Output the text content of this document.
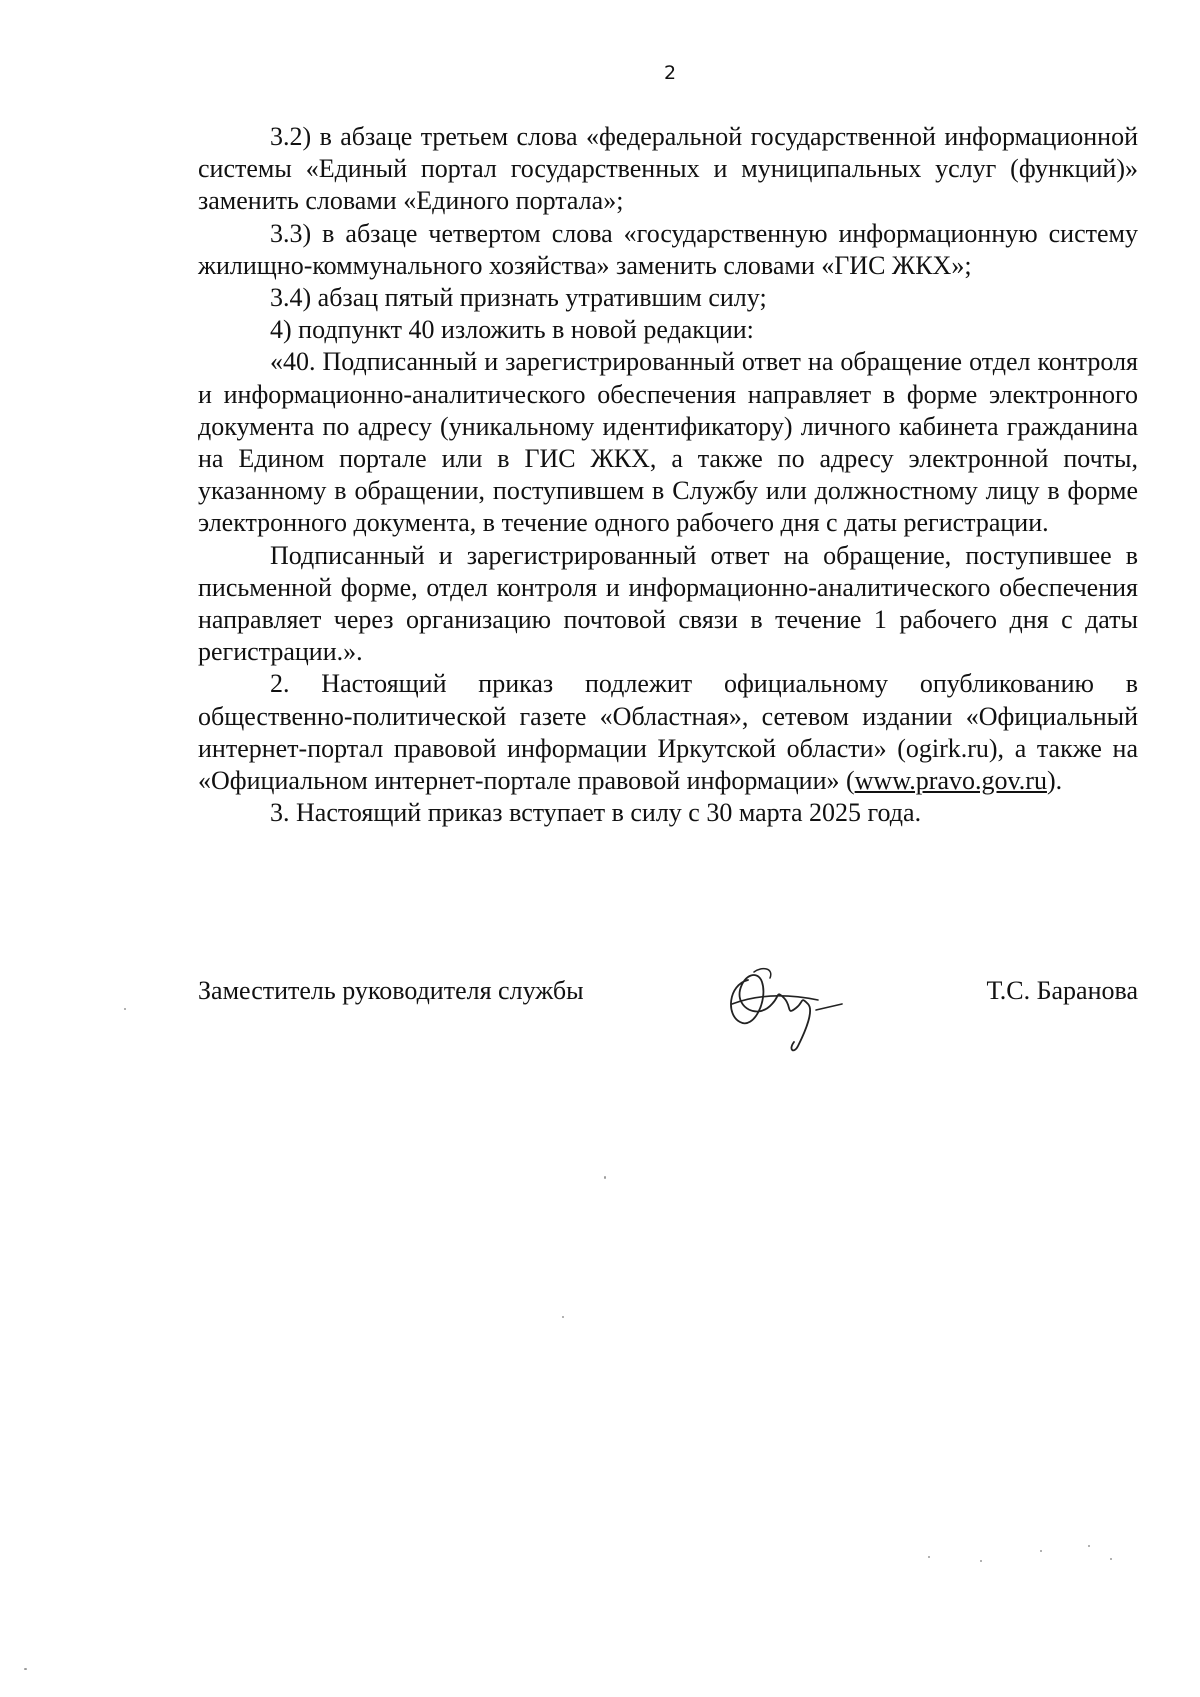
2

3.2) в абзаце третьем слова «федеральной государственной информационной системы «Единый портал государственных и муниципальных услуг (функций)» заменить словами «Единого портала»;

3.3) в абзаце четвертом слова «государственную информационную систему жилищно-коммунального хозяйства» заменить словами «ГИС ЖКХ»;

3.4) абзац пятый признать утратившим силу;

4) подпункт 40 изложить в новой редакции:

«40. Подписанный и зарегистрированный ответ на обращение отдел контроля и информационно-аналитического обеспечения направляет в форме электронного документа по адресу (уникальному идентификатору) личного кабинета гражданина на Едином портале или в ГИС ЖКХ, а также по адресу электронной почты, указанному в обращении, поступившем в Службу или должностному лицу в форме электронного документа, в течение одного рабочего дня с даты регистрации.

Подписанный и зарегистрированный ответ на обращение, поступившее в письменной форме, отдел контроля и информационно-аналитического обеспечения направляет через организацию почтовой связи в течение 1 рабочего дня с даты регистрации.».

2. Настоящий приказ подлежит официальному опубликованию в общественно-политической газете «Областная», сетевом издании «Официальный интернет-портал правовой информации Иркутской области» (ogirk.ru), а также на «Официальном интернет-портале правовой информации» (www.pravo.gov.ru).

3. Настоящий приказ вступает в силу с 30 марта 2025 года.

Заместитель руководителя службы	Т.С. Баранова
